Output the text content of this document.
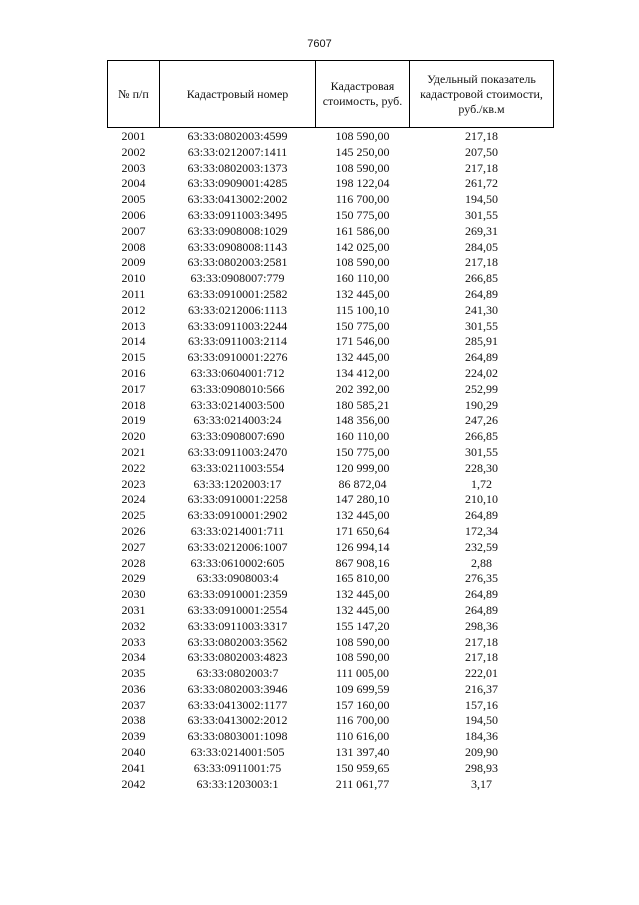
7607
№ п/п	Кадастровый номер	Кадастровая стоимость, руб.	Удельный показатель кадастровой стоимости, руб./кв.м
2001	63:33:0802003:4599	108 590,00	217,18
2002	63:33:0212007:1411	145 250,00	207,50
2003	63:33:0802003:1373	108 590,00	217,18
2004	63:33:0909001:4285	198 122,04	261,72
2005	63:33:0413002:2002	116 700,00	194,50
2006	63:33:0911003:3495	150 775,00	301,55
2007	63:33:0908008:1029	161 586,00	269,31
2008	63:33:0908008:1143	142 025,00	284,05
2009	63:33:0802003:2581	108 590,00	217,18
2010	63:33:0908007:779	160 110,00	266,85
2011	63:33:0910001:2582	132 445,00	264,89
2012	63:33:0212006:1113	115 100,10	241,30
2013	63:33:0911003:2244	150 775,00	301,55
2014	63:33:0911003:2114	171 546,00	285,91
2015	63:33:0910001:2276	132 445,00	264,89
2016	63:33:0604001:712	134 412,00	224,02
2017	63:33:0908010:566	202 392,00	252,99
2018	63:33:0214003:500	180 585,21	190,29
2019	63:33:0214003:24	148 356,00	247,26
2020	63:33:0908007:690	160 110,00	266,85
2021	63:33:0911003:2470	150 775,00	301,55
2022	63:33:0211003:554	120 999,00	228,30
2023	63:33:1202003:17	86 872,04	1,72
2024	63:33:0910001:2258	147 280,10	210,10
2025	63:33:0910001:2902	132 445,00	264,89
2026	63:33:0214001:711	171 650,64	172,34
2027	63:33:0212006:1007	126 994,14	232,59
2028	63:33:0610002:605	867 908,16	2,88
2029	63:33:0908003:4	165 810,00	276,35
2030	63:33:0910001:2359	132 445,00	264,89
2031	63:33:0910001:2554	132 445,00	264,89
2032	63:33:0911003:3317	155 147,20	298,36
2033	63:33:0802003:3562	108 590,00	217,18
2034	63:33:0802003:4823	108 590,00	217,18
2035	63:33:0802003:7	111 005,00	222,01
2036	63:33:0802003:3946	109 699,59	216,37
2037	63:33:0413002:1177	157 160,00	157,16
2038	63:33:0413002:2012	116 700,00	194,50
2039	63:33:0803001:1098	110 616,00	184,36
2040	63:33:0214001:505	131 397,40	209,90
2041	63:33:0911001:75	150 959,65	298,93
2042	63:33:1203003:1	211 061,77	3,17
